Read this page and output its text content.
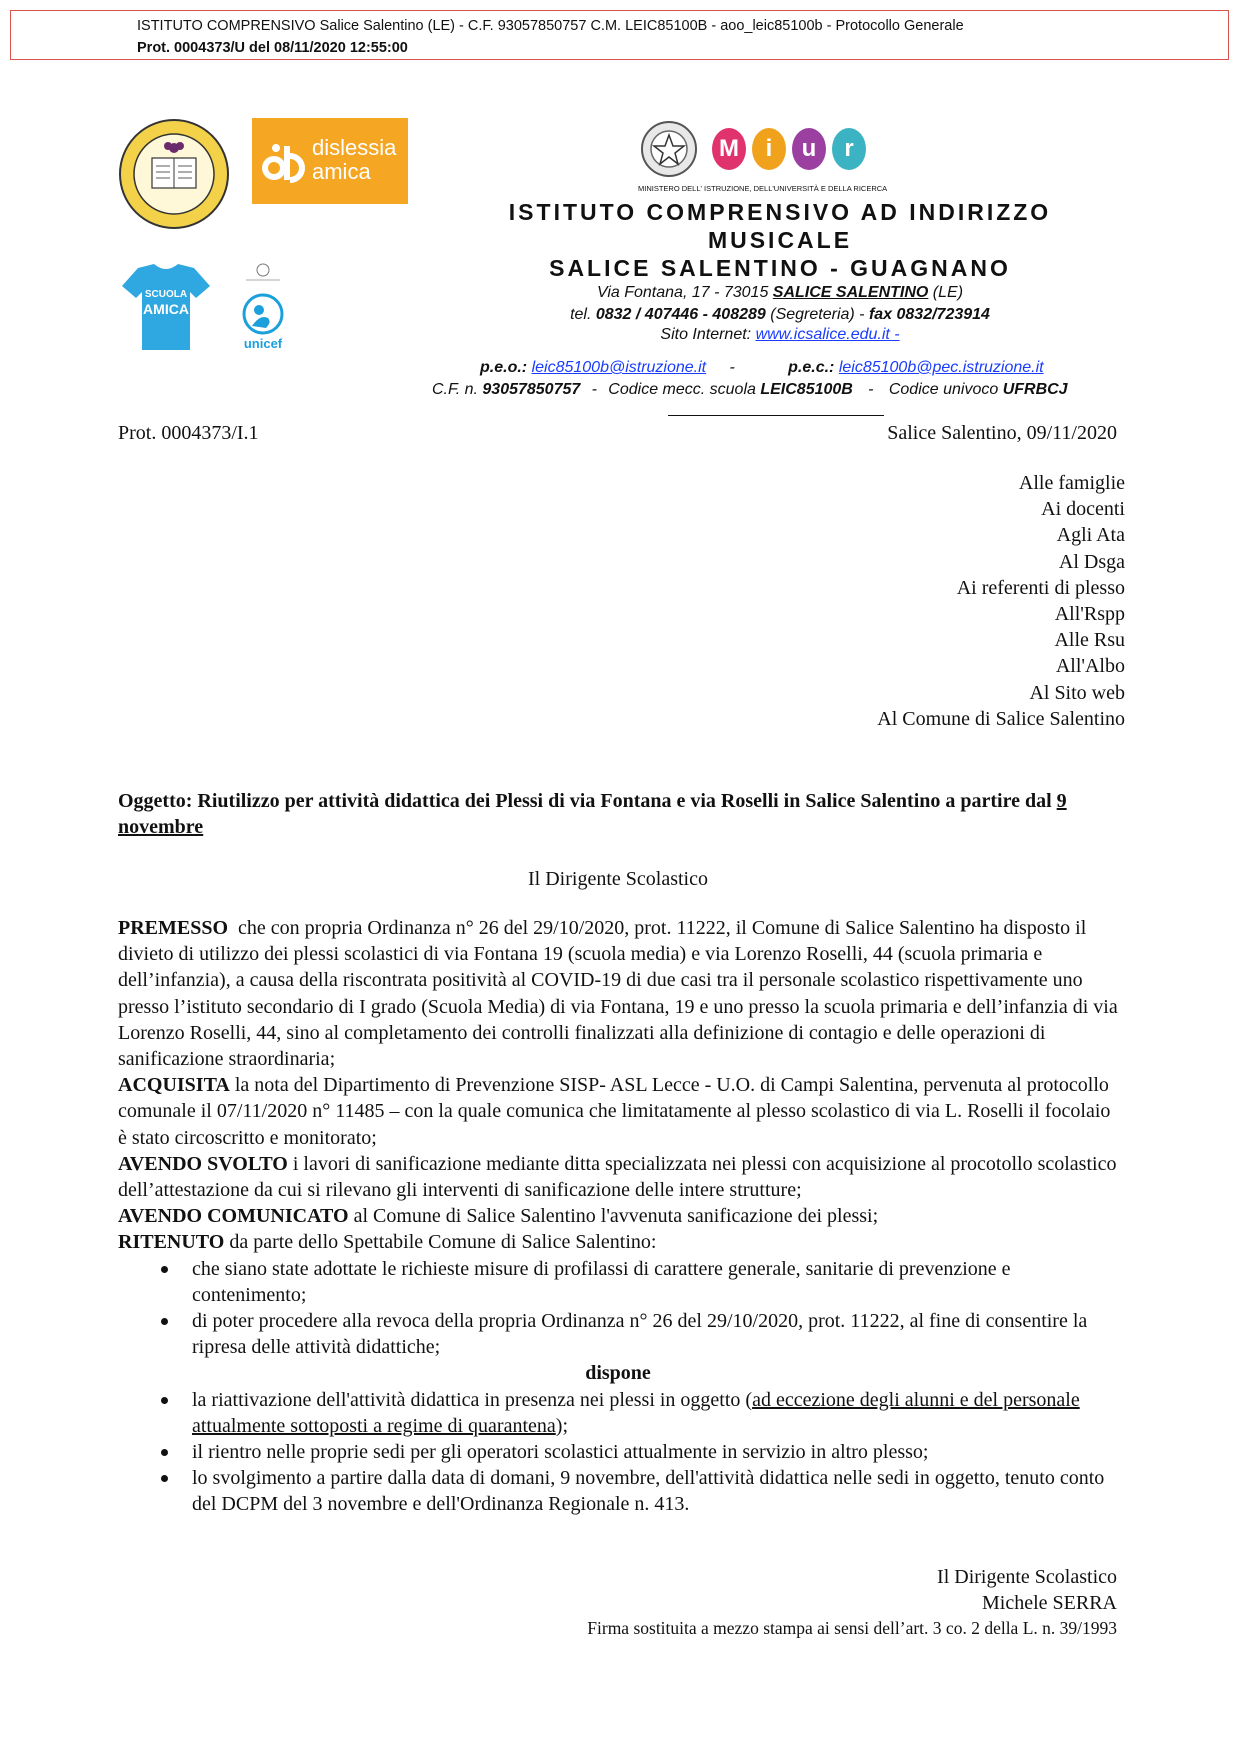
ISTITUTO COMPRENSIVO Salice Salentino (LE) - C.F. 93057850757 C.M. LEIC85100B - aoo_leic85100b - Protocollo Generale
Prot. 0004373/U del 08/11/2020 12:55:00
dislessia
amica
SCUOLA
AMICA
unicef
M	i	u	r
MINISTERO DELL' ISTRUZIONE, DELL'UNIVERSITÀ E DELLA RICERCA
ISTITUTO COMPRENSIVO AD INDIRIZZO
MUSICALE
SALICE SALENTINO - GUAGNANO
Via Fontana, 17 - 73015 SALICE SALENTINO (LE)
tel. 0832 / 407446 - 408289 (Segreteria) - fax 0832/723914
Sito Internet: www.icsalice.edu.it -
p.e.o.: leic85100b@istruzione.it -	p.e.c.: leic85100b@pec.istruzione.it
C.F. n. 93057850757 - Codice mecc. scuola LEIC85100B - Codice univoco UFRBCJ
Prot. 0004373/I.1	Salice Salentino, 09/11/2020
Alle famiglie
Ai docenti
Agli Ata
Al Dsga
Ai referenti di plesso
All'Rspp
Alle Rsu
All'Albo
Al Sito web
Al Comune di Salice Salentino
Oggetto: Riutilizzo per attività didattica dei Plessi di via Fontana e via Roselli in Salice Salentino a partire dal 9 novembre
Il Dirigente Scolastico

PREMESSO  che con propria Ordinanza n° 26 del 29/10/2020, prot. 11222, il Comune di Salice Salentino ha disposto il divieto di utilizzo dei plessi scolastici di via Fontana 19 (scuola media) e via Lorenzo Roselli, 44 (scuola primaria e dell’infanzia), a causa della riscontrata positività al COVID-19 di due casi tra il personale scolastico rispettivamente uno presso l’istituto secondario di I grado (Scuola Media) di via Fontana, 19 e uno presso la scuola primaria e dell’infanzia di via Lorenzo Roselli, 44, sino al completamento dei controlli finalizzati alla definizione di contagio e delle operazioni di sanificazione straordinaria;

ACQUISITA la nota del Dipartimento di Prevenzione SISP- ASL Lecce - U.O. di Campi Salentina, pervenuta al protocollo comunale il 07/11/2020 n° 11485 – con la quale comunica che limitatamente al plesso scolastico di via L. Roselli il focolaio è stato circoscritto e monitorato;

AVENDO SVOLTO i lavori di sanificazione mediante ditta specializzata nei plessi con acquisizione al procotollo scolastico dell’attestazione da cui si rilevano gli interventi di sanificazione delle intere strutture;

AVENDO COMUNICATO al Comune di Salice Salentino l'avvenuta sanificazione dei plessi;

RITENUTO da parte dello Spettabile Comune di Salice Salentino:

che siano state adottate le richieste misure di profilassi di carattere generale, sanitarie di prevenzione e contenimento;
di poter procedere alla revoca della propria Ordinanza n° 26 del 29/10/2020, prot. 11222, al fine di consentire la ripresa delle attività didattiche;

dispone

la riattivazione dell'attività didattica in presenza nei plessi in oggetto (ad eccezione degli alunni e del personale attualmente sottoposti a regime di quarantena);
il rientro nelle proprie sedi per gli operatori scolastici attualmente in servizio in altro plesso;
lo svolgimento a partire dalla data di domani, 9 novembre, dell'attività didattica nelle sedi in oggetto, tenuto conto del DCPM del 3 novembre e dell'Ordinanza Regionale n. 413.
Il Dirigente Scolastico
Michele SERRA
Firma sostituita a mezzo stampa ai sensi dell’art. 3 co. 2 della L. n. 39/1993
